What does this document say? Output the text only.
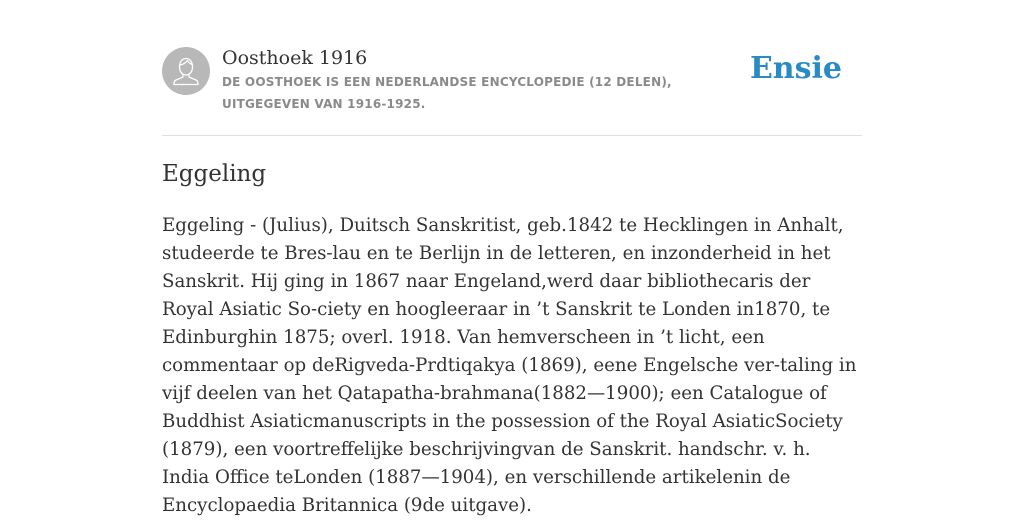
Oosthoek 1916

DE OOSTHOEK IS EEN NEDERLANDSE ENCYCLOPEDIE (12 DELEN), UITGEGEVEN VAN 1916-1925.

Ensie
Eggeling

Eggeling - (Julius), Duitsch Sanskritist, geb.1842 te Hecklingen in Anhalt, studeerde te Bres-lau en te Berlijn in de letteren, en inzonderheid in het Sanskrit. Hij ging in 1867 naar Engeland,werd daar bibliothecaris der Royal Asiatic So-ciety en hoogleeraar in ’t Sanskrit te Londen in1870, te Edinburghin 1875; overl. 1918. Van hemverscheen in ’t licht, een commentaar op deRigveda-Prdtiqakya (1869), eene Engelsche ver-taling in vijf deelen van het Qatapatha-brahmana(1882—1900); een Catalogue of Buddhist Asiaticmanuscripts in the possession of the Royal AsiaticSociety (1879), een voortreffelijke beschrijvingvan de Sanskrit. handschr. v. h. India Office teLonden (1887—1904), en verschillende artikelenin de Encyclopaedia Britannica (9de uitgave).
